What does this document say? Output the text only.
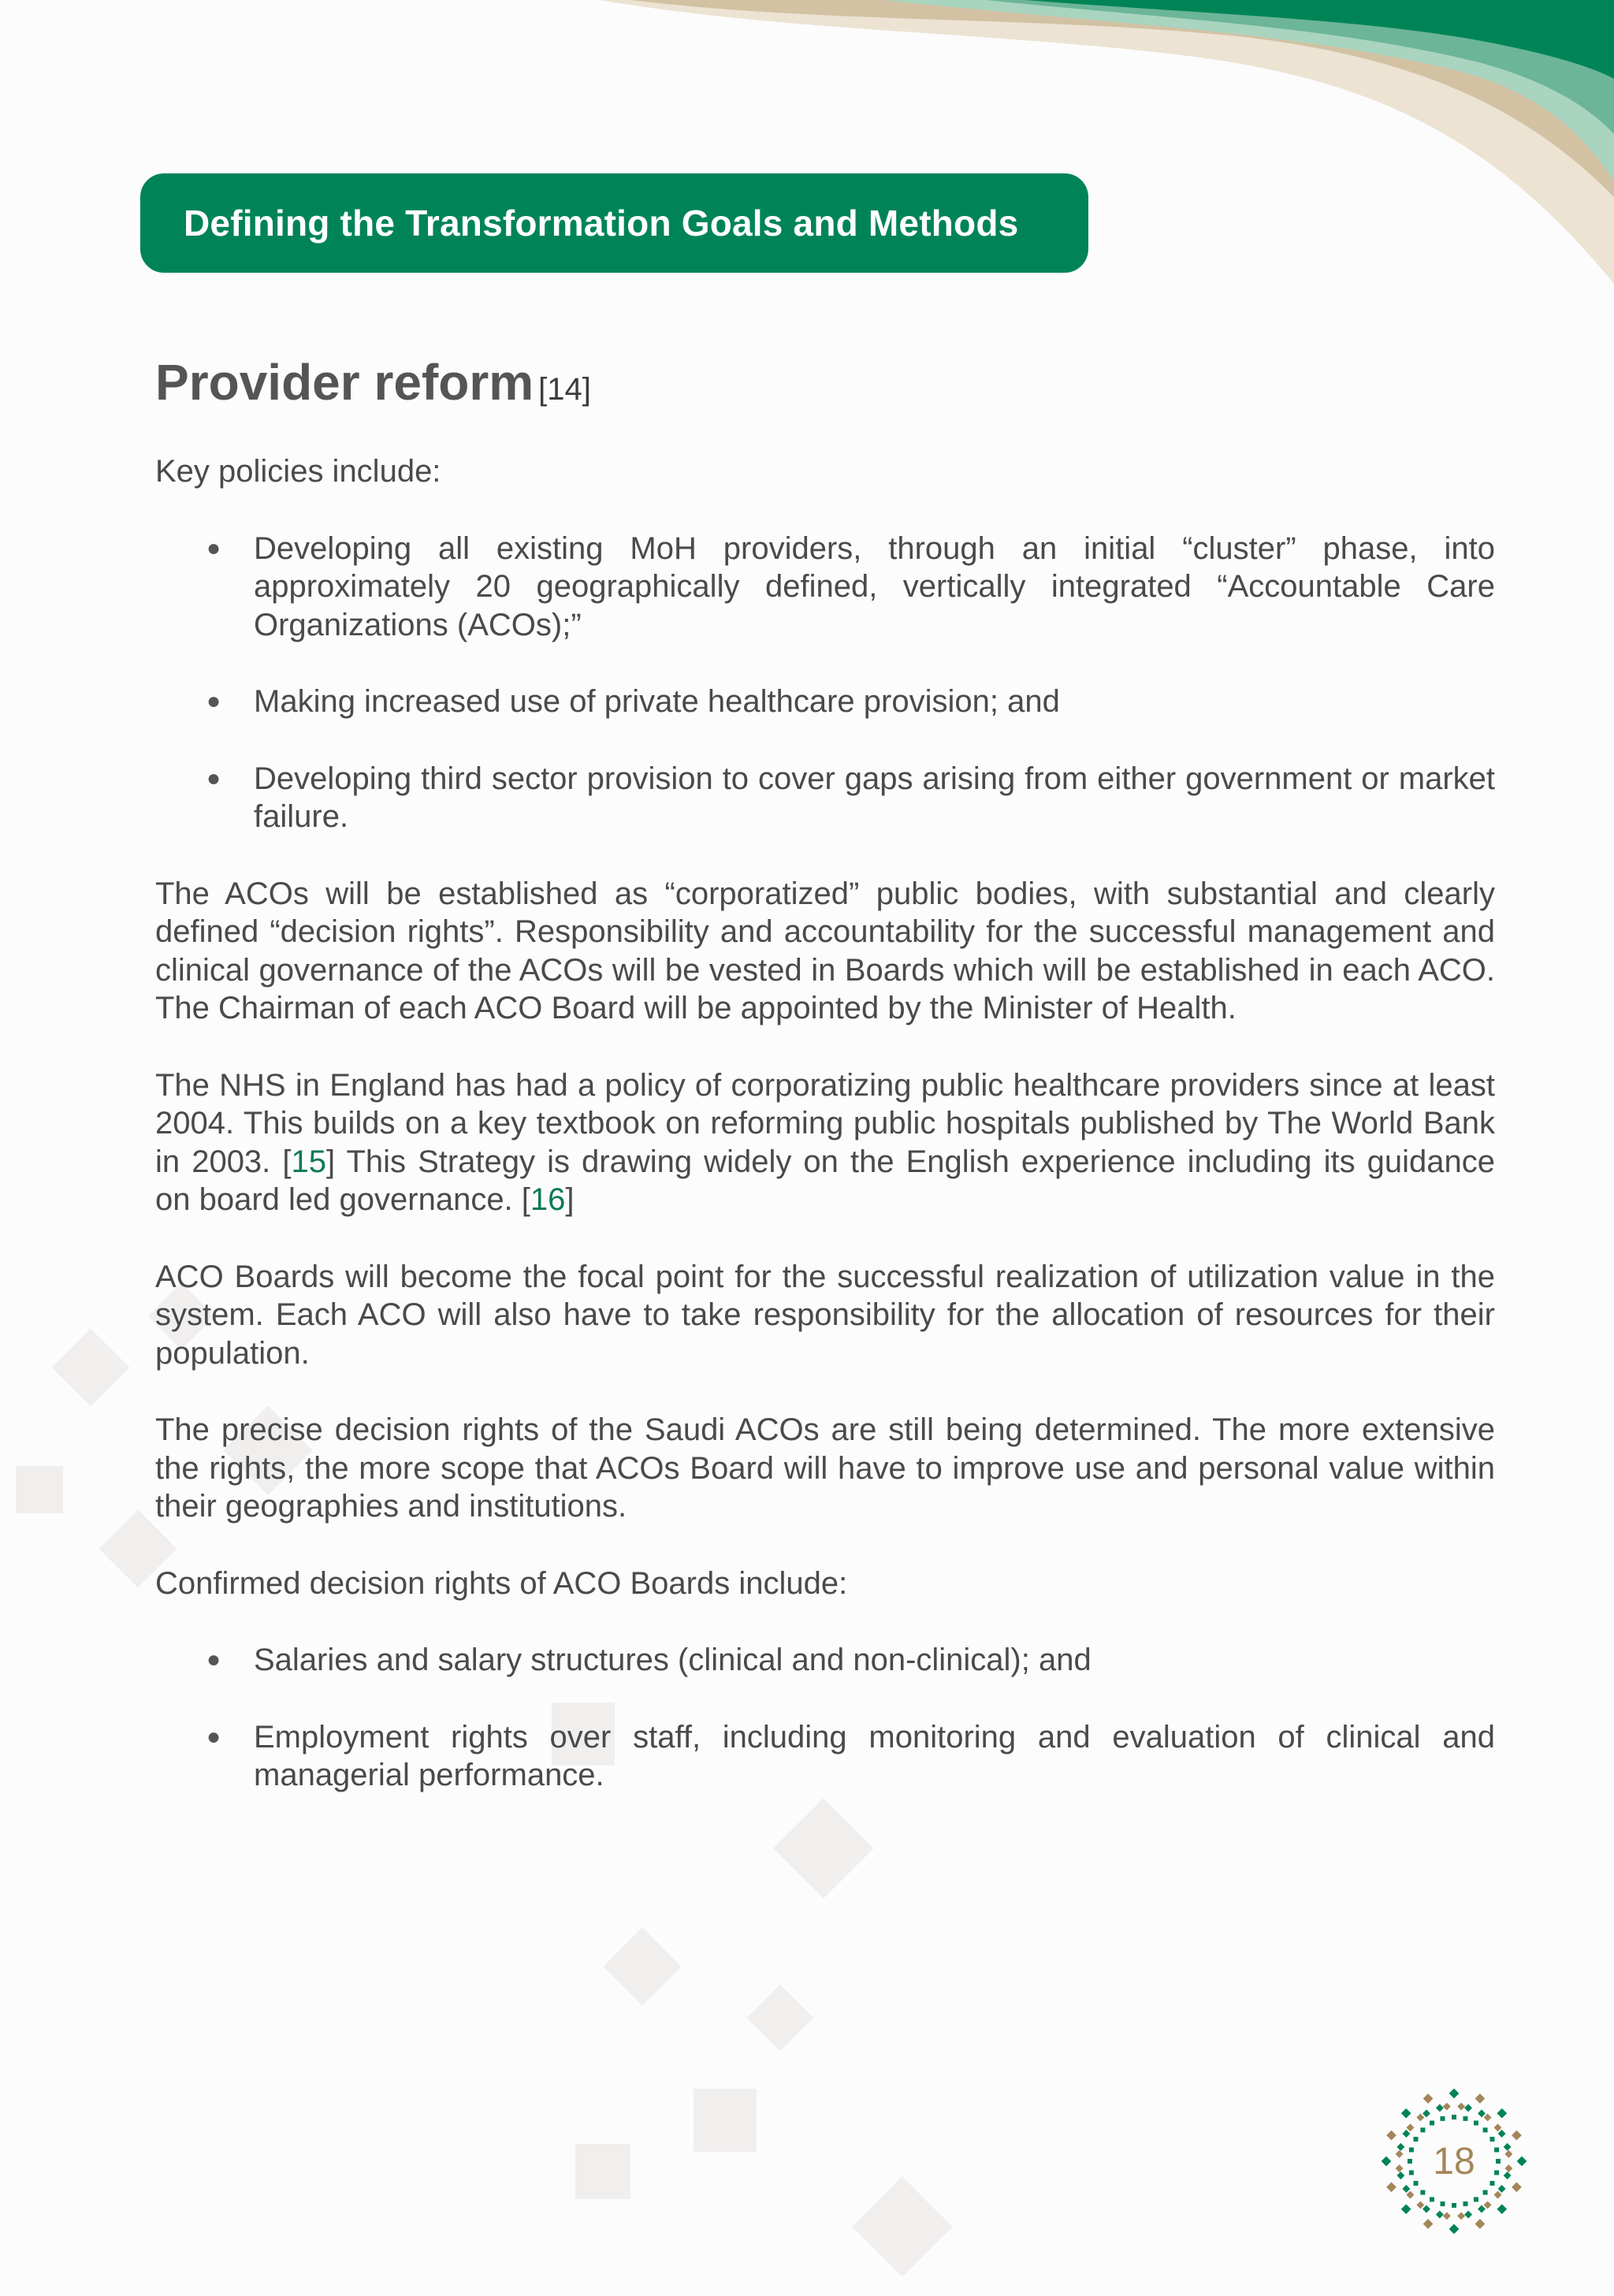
Defining the Transformation Goals and Methods
Provider reform [14]

Key policies include:

● Developing all existing MoH providers, through an initial “cluster” phase, into approximately 20 geographically defined, vertically integrated “Accountable Care Organizations (ACOs);”
● Making increased use of private healthcare provision; and
● Developing third sector provision to cover gaps arising from either government or market failure.

The ACOs will be established as “corporatized” public bodies, with substantial and clearly defined “decision rights”. Responsibility and accountability for the successful management and clinical governance of the ACOs will be vested in Boards which will be established in each ACO. The Chairman of each ACO Board will be appointed by the Minister of Health.

The NHS in England has had a policy of corporatizing public healthcare providers since at least 2004. This builds on a key textbook on reforming public hospitals published by The World Bank in 2003. [15] This Strategy is drawing widely on the English experience including its guidance on board led governance. [16]

ACO Boards will become the focal point for the successful realization of utilization value in the system. Each ACO will also have to take responsibility for the allocation of resources for their population.

The precise decision rights of the Saudi ACOs are still being determined. The more extensive the rights, the more scope that ACOs Board will have to improve use and personal value within their geographies and institutions.

Confirmed decision rights of ACO Boards include:

● Salaries and salary structures (clinical and non-clinical); and
● Employment rights over staff, including monitoring and evaluation of clinical and managerial performance.
18
